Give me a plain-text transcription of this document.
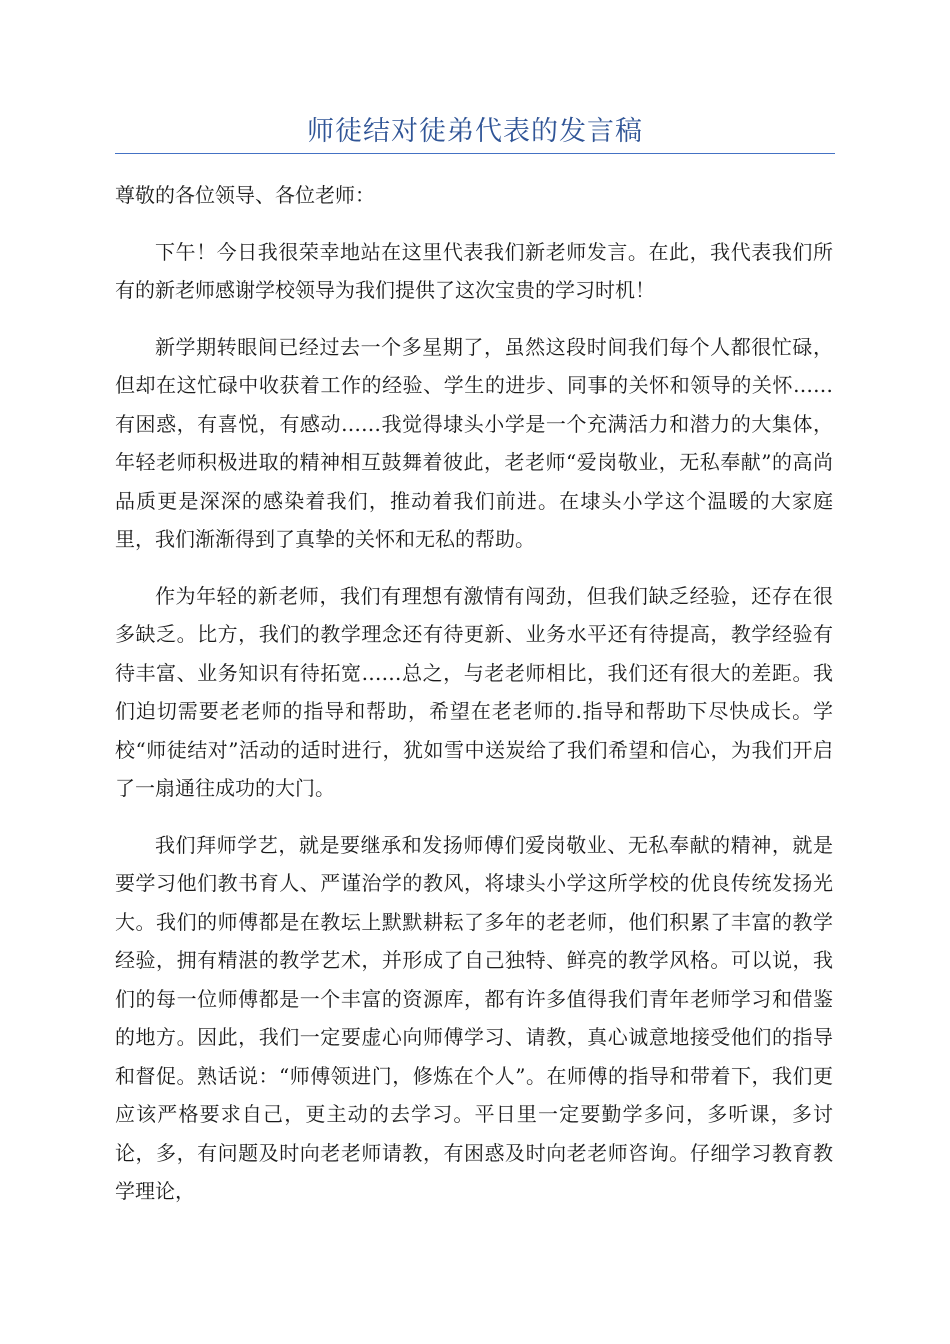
师徒结对徒弟代表的发言稿

尊敬的各位领导、各位老师：

下午！今日我很荣幸地站在这里代表我们新老师发言。在此，我代表我们所有的新老师感谢学校领导为我们提供了这次宝贵的学习时机！

新学期转眼间已经过去一个多星期了，虽然这段时间我们每个人都很忙碌，但却在这忙碌中收获着工作的经验、学生的进步、同事的关怀和领导的关怀……有困惑，有喜悦，有感动……我觉得埭头小学是一个充满活力和潜力的大集体，年轻老师积极进取的精神相互鼓舞着彼此，老老师“爱岗敬业，无私奉献”的高尚品质更是深深的感染着我们，推动着我们前进。在埭头小学这个温暖的大家庭里，我们渐渐得到了真挚的关怀和无私的帮助。

作为年轻的新老师，我们有理想有激情有闯劲，但我们缺乏经验，还存在很多缺乏。比方，我们的教学理念还有待更新、业务水平还有待提高，教学经验有待丰富、业务知识有待拓宽……总之，与老老师相比，我们还有很大的差距。我们迫切需要老老师的指导和帮助，希望在老老师的.指导和帮助下尽快成长。学校“师徒结对”活动的适时进行，犹如雪中送炭给了我们希望和信心，为我们开启了一扇通往成功的大门。

我们拜师学艺，就是要继承和发扬师傅们爱岗敬业、无私奉献的精神，就是要学习他们教书育人、严谨治学的教风，将埭头小学这所学校的优良传统发扬光大。我们的师傅都是在教坛上默默耕耘了多年的老老师，他们积累了丰富的教学经验，拥有精湛的教学艺术，并形成了自己独特、鲜亮的教学风格。可以说，我们的每一位师傅都是一个丰富的资源库，都有许多值得我们青年老师学习和借鉴的地方。因此，我们一定要虚心向师傅学习、请教，真心诚意地接受他们的指导和督促。熟话说：“师傅领进门，修炼在个人”。在师傅的指导和带着下，我们更应该严格要求自己，更主动的去学习。平日里一定要勤学多问，多听课，多讨论，多，有问题及时向老老师请教，有困惑及时向老老师咨询。仔细学习教育教学理论，
